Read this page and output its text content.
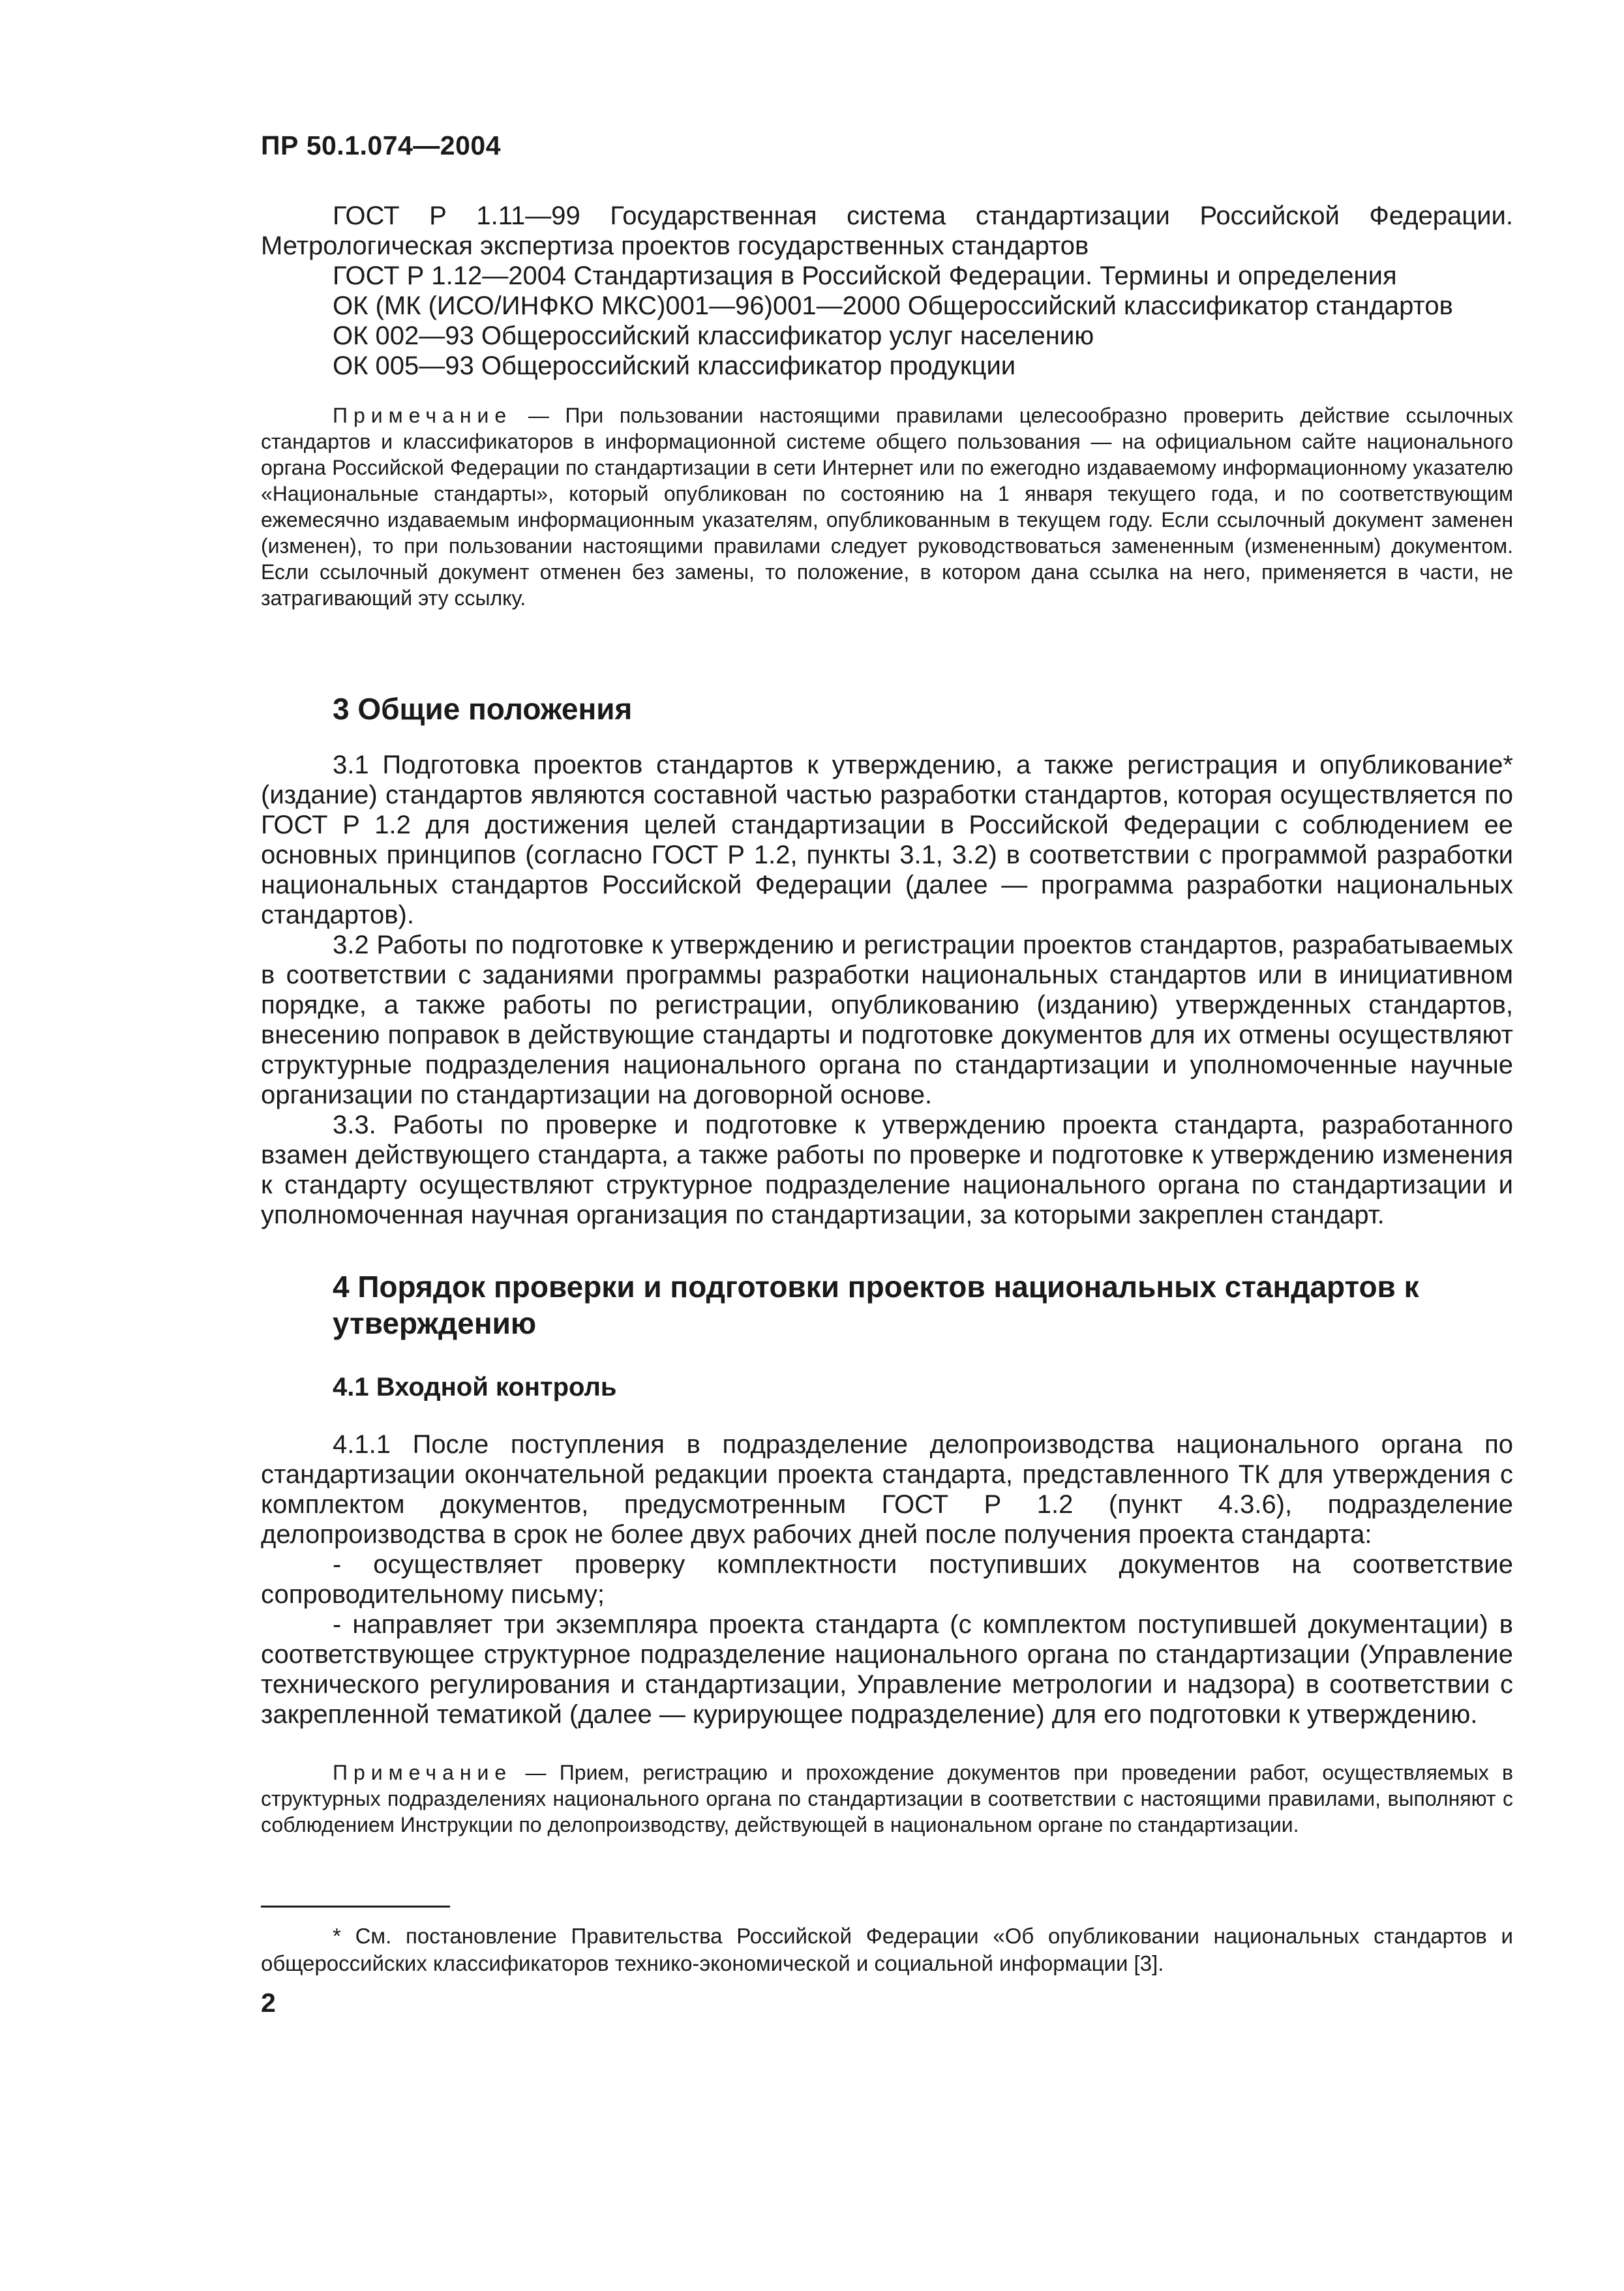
ПР 50.1.074—2004

ГОСТ Р 1.11—99 Государственная система стандартизации Российской Федерации. Метрологическая экспертиза проектов государственных стандартов

ГОСТ Р 1.12—2004 Стандартизация в Российской Федерации. Термины и определения

ОК (МК (ИСО/ИНФКО МКС)001—96)001—2000 Общероссийский классификатор стандартов

ОК 002—93 Общероссийский классификатор услуг населению

ОК 005—93 Общероссийский классификатор продукции

Примечание — При пользовании настоящими правилами целесообразно проверить действие ссылочных стандартов и классификаторов в информационной системе общего пользования — на официальном сайте национального органа Российской Федерации по стандартизации в сети Интернет или по ежегодно издаваемому информационному указателю «Национальные стандарты», который опубликован по состоянию на 1 января текущего года, и по соответствующим ежемесячно издаваемым информационным указателям, опубликованным в текущем году. Если ссылочный документ заменен (изменен), то при пользовании настоящими правилами следует руководствоваться замененным (измененным) документом. Если ссылочный документ отменен без замены, то положение, в котором дана ссылка на него, применяется в части, не затрагивающий эту ссылку.

3 Общие положения

3.1 Подготовка проектов стандартов к утверждению, а также регистрация и опубликование* (издание) стандартов являются составной частью разработки стандартов, которая осуществляется по ГОСТ Р 1.2 для достижения целей стандартизации в Российской Федерации с соблюдением ее основных принципов (согласно ГОСТ Р 1.2, пункты 3.1, 3.2) в соответствии с программой разработки национальных стандартов Российской Федерации (далее — программа разработки национальных стандартов).

3.2 Работы по подготовке к утверждению и регистрации проектов стандартов, разрабатываемых в соответствии с заданиями программы разработки национальных стандартов или в инициативном порядке, а также работы по регистрации, опубликованию (изданию) утвержденных стандартов, внесению поправок в действующие стандарты и подготовке документов для их отмены осуществляют структурные подразделения национального органа по стандартизации и уполномоченные научные организации по стандартизации на договорной основе.

3.3. Работы по проверке и подготовке к утверждению проекта стандарта, разработанного взамен действующего стандарта, а также работы по проверке и подготовке к утверждению изменения к стандарту осуществляют структурное подразделение национального органа по стандартизации и уполномоченная научная организация по стандартизации, за которыми закреплен стандарт.

4 Порядок проверки и подготовки проектов национальных стандартов к утверждению
4.1 Входной контроль

4.1.1 После поступления в подразделение делопроизводства национального органа по стандартизации окончательной редакции проекта стандарта, представленного ТК для утверждения с комплектом документов, предусмотренным ГОСТ Р 1.2 (пункт 4.3.6), подразделение делопроизводства в срок не более двух рабочих дней после получения проекта стандарта:

- осуществляет проверку комплектности поступивших документов на соответствие сопроводительному письму;

- направляет три экземпляра проекта стандарта (с комплектом поступившей документации) в соответствующее структурное подразделение национального органа по стандартизации (Управление технического регулирования и стандартизации, Управление метрологии и надзора) в соответствии с закрепленной тематикой (далее — курирующее подразделение) для его подготовки к утверждению.

Примечание — Прием, регистрацию и прохождение документов при проведении работ, осуществляемых в структурных подразделениях национального органа по стандартизации в соответствии с настоящими правилами, выполняют с соблюдением Инструкции по делопроизводству, действующей в национальном органе по стандартизации.

* См. постановление Правительства Российской Федерации «Об опубликовании национальных стандартов и общероссийских классификаторов технико-экономической и социальной информации [3].

2
